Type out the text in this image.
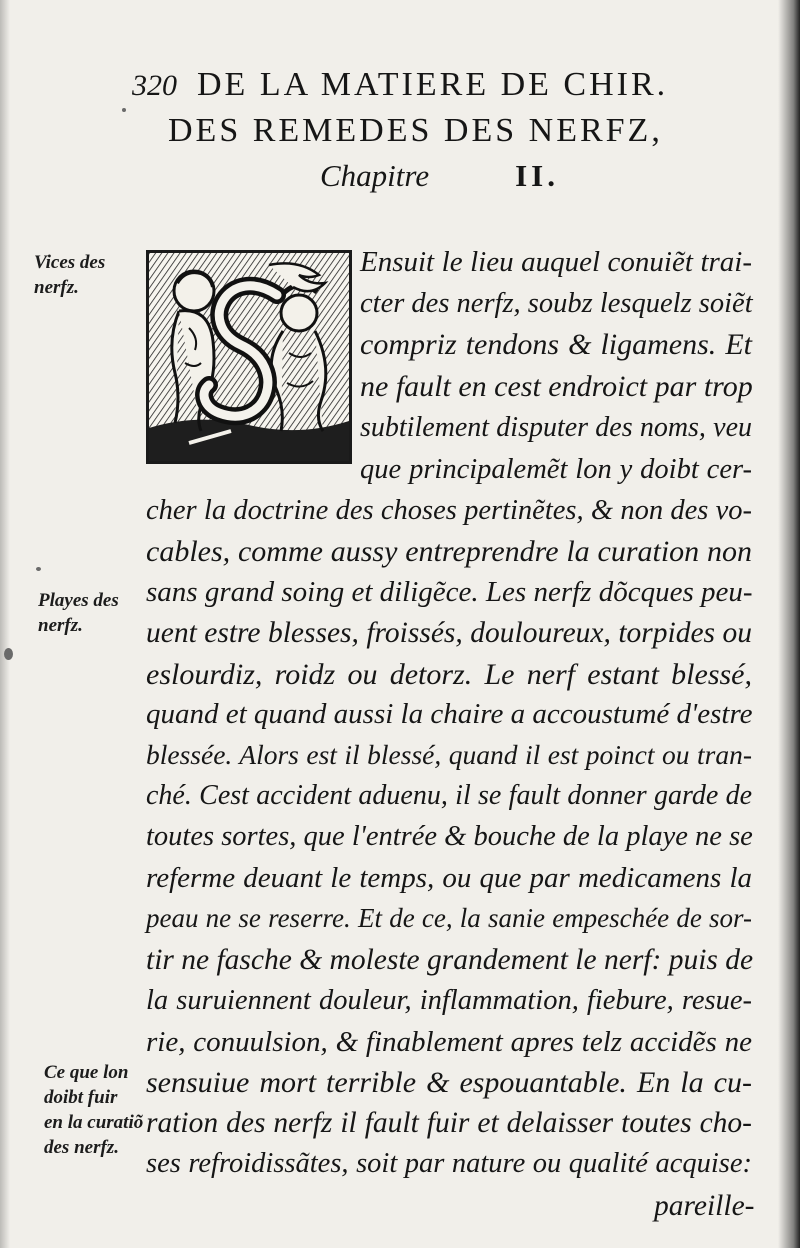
320 DE LA MATIERE DE CHIR.
DES REMEDES DES NERFZ,
Chapitre	II.
Ensuit le lieu auquel conuiẽt trai-
cter des nerfz, soubz lesquelz soiẽt
compriz tendons & ligamens. Et
ne fault en cest endroict par trop
subtilement disputer des noms, veu
que principalemẽt lon y doibt cer-
cher la doctrine des choses pertinẽtes, & non des vo-
cables, comme aussy entreprendre la curation non
sans grand soing et diligẽce. Les nerfz dõcques peu-
uent estre blesses, froissés, douloureux, torpides ou
eslourdiz, roidz ou detorz. Le nerf estant blessé,
quand et quand aussi la chaire a accoustumé d'estre
blessée. Alors est il blessé, quand il est poinct ou tran-
ché. Cest accident aduenu, il se fault donner garde de
toutes sortes, que l'entrée & bouche de la playe ne se
referme deuant le temps, ou que par medicamens la
peau ne se reserre. Et de ce, la sanie empeschée de sor-
tir ne fasche & moleste grandement le nerf: puis de
la suruiennent douleur, inflammation, fiebure, resue-
rie, conuulsion, & finablement apres telz accidẽs ne
sensuiue mort terrible & espouantable. En la cu-
ration des nerfz il fault fuir et delaisser toutes cho-
ses refroidissãtes, soit par nature ou qualité acquise:
pareille-
Vices des
nerfz.
Playes des
nerfz.
Ce que lon
doibt fuir
en la curatiõ
des nerfz.
